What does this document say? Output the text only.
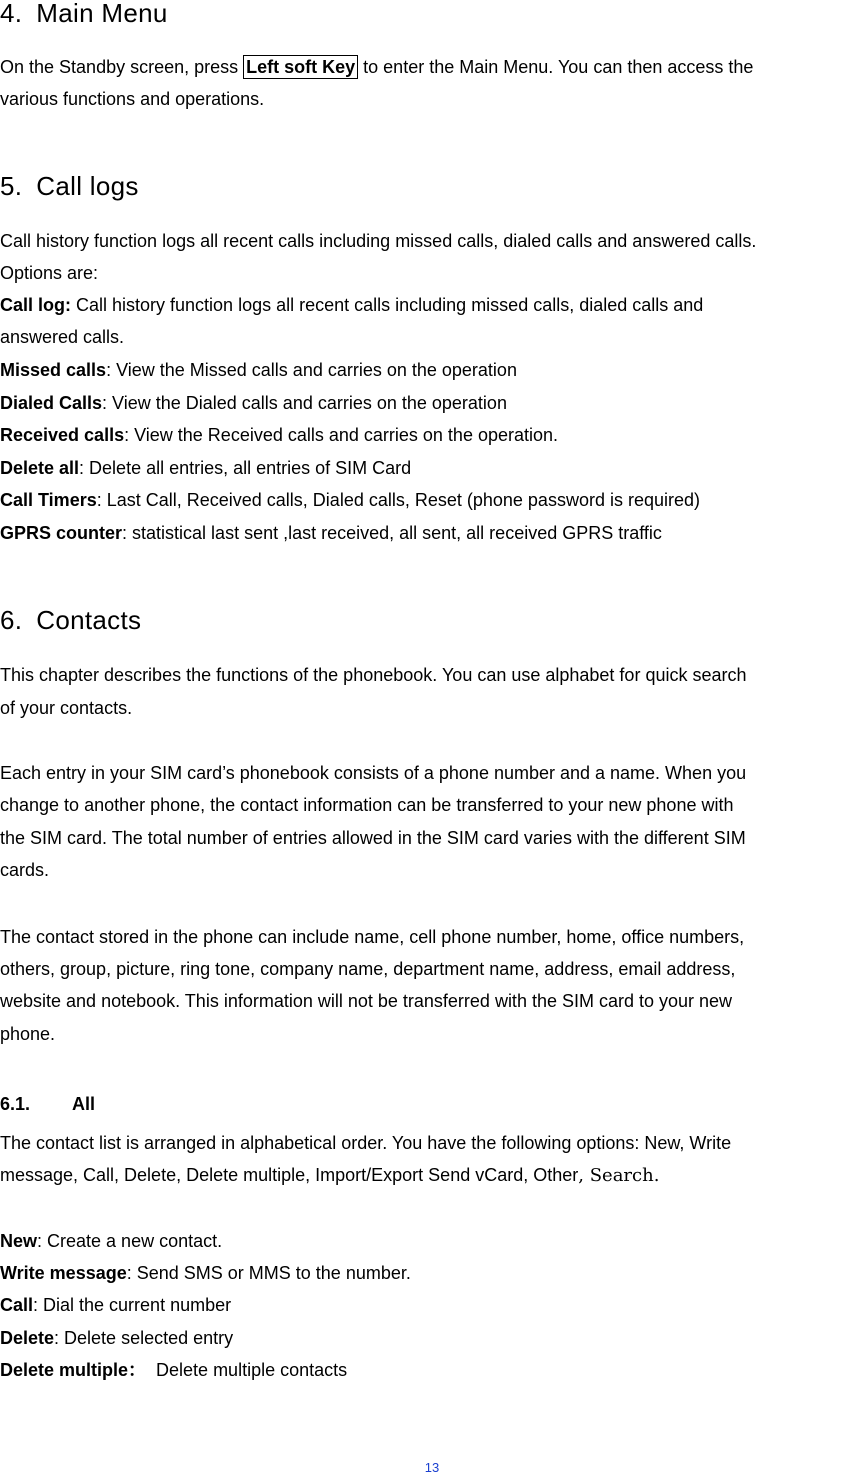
4. Main Menu
On the Standby screen, press Left soft Key to enter the Main Menu. You can then access the
various functions and operations.
5. Call logs
Call history function logs all recent calls including missed calls, dialed calls and answered calls.
Options are:
Call log: Call history function logs all recent calls including missed calls, dialed calls and
answered calls.
Missed calls: View the Missed calls and carries on the operation
Dialed Calls: View the Dialed calls and carries on the operation
Received calls: View the Received calls and carries on the operation.
Delete all: Delete all entries, all entries of SIM Card
Call Timers: Last Call, Received calls, Dialed calls, Reset (phone password is required)
GPRS counter: statistical last sent ,last received, all sent, all received GPRS traffic
6. Contacts
This chapter describes the functions of the phonebook. You can use alphabet for quick search
of your contacts.
Each entry in your SIM card’s phonebook consists of a phone number and a name. When you
change to another phone, the contact information can be transferred to your new phone with
the SIM card. The total number of entries allowed in the SIM card varies with the different SIM
cards.
The contact stored in the phone can include name, cell phone number, home, office numbers,
others, group, picture, ring tone, company name, department name, address, email address,
website and notebook. This information will not be transferred with the SIM card to your new
phone.
6.1. All
The contact list is arranged in alphabetical order. You have the following options: New, Write
message, Call, Delete, Delete multiple, Import/Export Send vCard, Other, Search.
New: Create a new contact.
Write message: Send SMS or MMS to the number.
Call: Dial the current number
Delete: Delete selected entry
Delete multiple：  Delete multiple contacts
13
